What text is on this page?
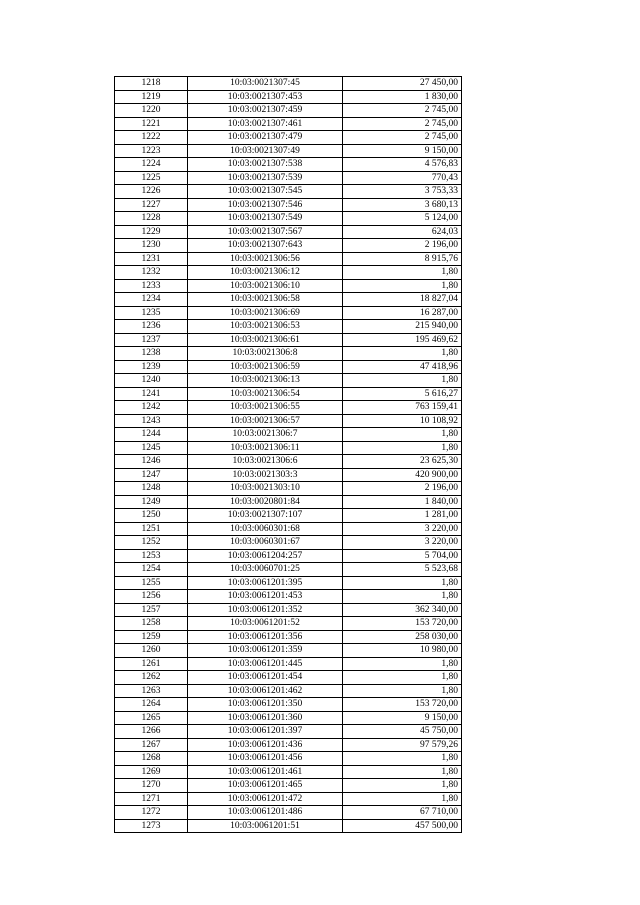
1218	10:03:0021307:45	27 450,00
1219	10:03:0021307:453	1 830,00
1220	10:03:0021307:459	2 745,00
1221	10:03:0021307:461	2 745,00
1222	10:03:0021307:479	2 745,00
1223	10:03:0021307:49	9 150,00
1224	10:03:0021307:538	4 576,83
1225	10:03:0021307:539	770,43
1226	10:03:0021307:545	3 753,33
1227	10:03:0021307:546	3 680,13
1228	10:03:0021307:549	5 124,00
1229	10:03:0021307:567	624,03
1230	10:03:0021307:643	2 196,00
1231	10:03:0021306:56	8 915,76
1232	10:03:0021306:12	1,80
1233	10:03:0021306:10	1,80
1234	10:03:0021306:58	18 827,04
1235	10:03:0021306:69	16 287,00
1236	10:03:0021306:53	215 940,00
1237	10:03:0021306:61	195 469,62
1238	10:03:0021306:8	1,80
1239	10:03:0021306:59	47 418,96
1240	10:03:0021306:13	1,80
1241	10:03:0021306:54	5 616,27
1242	10:03:0021306:55	763 159,41
1243	10:03:0021306:57	10 108,92
1244	10:03:0021306:7	1,80
1245	10:03:0021306:11	1,80
1246	10:03:0021306:6	23 625,30
1247	10:03:0021303:3	420 900,00
1248	10:03:0021303:10	2 196,00
1249	10:03:0020801:84	1 840,00
1250	10:03:0021307:107	1 281,00
1251	10:03:0060301:68	3 220,00
1252	10:03:0060301:67	3 220,00
1253	10:03:0061204:257	5 704,00
1254	10:03:0060701:25	5 523,68
1255	10:03:0061201:395	1,80
1256	10:03:0061201:453	1,80
1257	10:03:0061201:352	362 340,00
1258	10:03:0061201:52	153 720,00
1259	10:03:0061201:356	258 030,00
1260	10:03:0061201:359	10 980,00
1261	10:03:0061201:445	1,80
1262	10:03:0061201:454	1,80
1263	10:03:0061201:462	1,80
1264	10:03:0061201:350	153 720,00
1265	10:03:0061201:360	9 150,00
1266	10:03:0061201:397	45 750,00
1267	10:03:0061201:436	97 579,26
1268	10:03:0061201:456	1,80
1269	10:03:0061201:461	1,80
1270	10:03:0061201:465	1,80
1271	10:03:0061201:472	1,80
1272	10:03:0061201:486	67 710,00
1273	10:03:0061201:51	457 500,00
